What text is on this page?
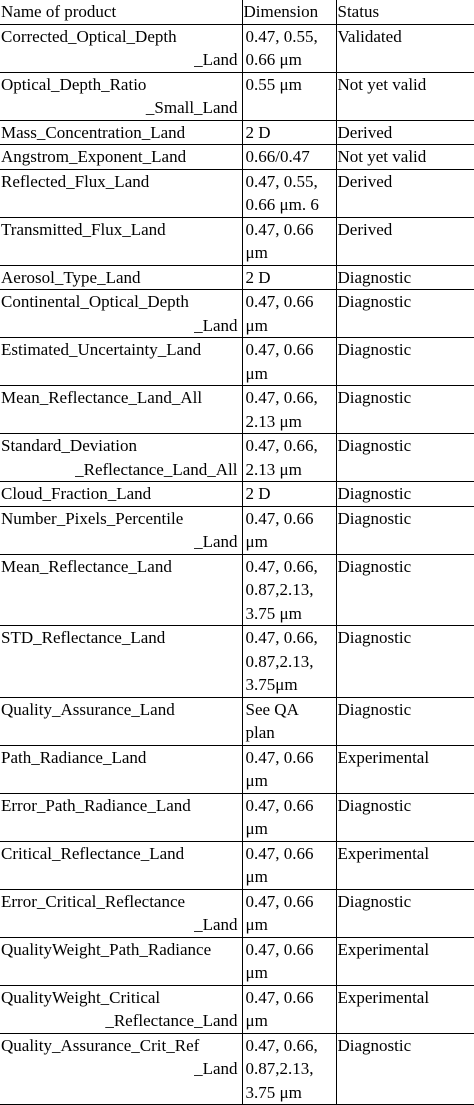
Name of product	Dimension	Status

Corrected_Optical_Depth
_Land	0.47, 0.55,
0.66 μm	Validated

Optical_Depth_Ratio
_Small_Land	0.55 μm	Not yet valid

Mass_Concentration_Land	2 D	Derived

Angstrom_Exponent_Land	0.66/0.47	Not yet valid

Reflected_Flux_Land	0.47, 0.55,
0.66 μm. 6	Derived

Transmitted_Flux_Land	0.47, 0.66
μm	Derived

Aerosol_Type_Land	2 D	Diagnostic

Continental_Optical_Depth
_Land	0.47, 0.66
μm	Diagnostic

Estimated_Uncertainty_Land	0.47, 0.66
μm	Diagnostic

Mean_Reflectance_Land_All	0.47, 0.66,
2.13 μm	Diagnostic

Standard_Deviation
_Reflectance_Land_All	0.47, 0.66,
2.13 μm	Diagnostic

Cloud_Fraction_Land	2 D	Diagnostic

Number_Pixels_Percentile
_Land	0.47, 0.66
μm	Diagnostic

Mean_Reflectance_Land	0.47, 0.66,
0.87,2.13,
3.75 μm	Diagnostic

STD_Reflectance_Land	0.47, 0.66,
0.87,2.13,
3.75μm	Diagnostic

Quality_Assurance_Land	See QA
plan	Diagnostic

Path_Radiance_Land	0.47, 0.66
μm	Experimental

Error_Path_Radiance_Land	0.47, 0.66
μm	Diagnostic

Critical_Reflectance_Land	0.47, 0.66
μm	Experimental

Error_Critical_Reflectance
_Land	0.47, 0.66
μm	Diagnostic

QualityWeight_Path_Radiance	0.47, 0.66
μm	Experimental

QualityWeight_Critical
_Reflectance_Land	0.47, 0.66
μm	Experimental

Quality_Assurance_Crit_Ref
_Land	0.47, 0.66,
0.87,2.13,
3.75 μm	Diagnostic
